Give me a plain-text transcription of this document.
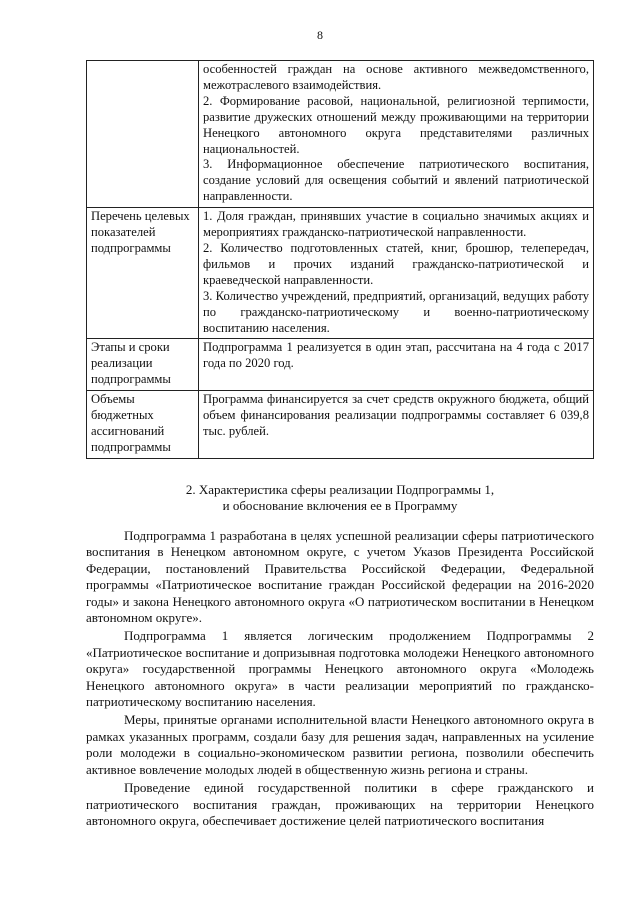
8

	особенностей граждан на основе активного межведомственного, межотраслевого взаимодействия.
2. Формирование расовой, национальной, религиозной терпимости, развитие дружеских отношений между проживающими на территории Ненецкого автономного округа представителями различных национальностей.
3. Информационное обеспечение патриотического воспитания, создание условий для освещения событий и явлений патриотической направленности.

Перечень целевых показателей подпрограммы	1. Доля граждан, принявших участие в социально значимых акциях и мероприятиях гражданско-патриотической направленности.
2. Количество подготовленных статей, книг, брошюр, телепередач, фильмов и прочих изданий гражданско-патриотической и краеведческой направленности.
3. Количество учреждений, предприятий, организаций, ведущих работу по гражданско-патриотическому и военно-патриотическому воспитанию населения.

Этапы и сроки реализации подпрограммы	Подпрограмма 1 реализуется в один этап, рассчитана на 4 года с 2017 года по 2020 год.

Объемы бюджетных ассигнований подпрограммы	Программа финансируется за счет средств окружного бюджета, общий объем финансирования реализации подпрограммы составляет 6 039,8 тыс. рублей.
2. Характеристика сферы реализации Подпрограммы 1,
и обоснование включения ее в Программу

Подпрограмма 1 разработана в целях успешной реализации сферы патриотического воспитания в Ненецком автономном округе, с учетом Указов Президента Российской Федерации, постановлений Правительства Российской Федерации, Федеральной программы «Патриотическое воспитание граждан Российской федерации на 2016-2020 годы» и закона Ненецкого автономного округа «О патриотическом воспитании в Ненецком автономном округе».

Подпрограмма 1 является логическим продолжением Подпрограммы 2 «Патриотическое воспитание и допризывная подготовка молодежи Ненецкого автономного округа» государственной программы Ненецкого автономного округа «Молодежь Ненецкого автономного округа» в части реализации мероприятий по гражданско-патриотическому воспитанию населения.

Меры, принятые органами исполнительной власти Ненецкого автономного округа в рамках указанных программ, создали базу для решения задач, направленных на усиление роли молодежи в социально-экономическом развитии региона, позволили обеспечить активное вовлечение молодых людей в общественную жизнь региона и страны.

Проведение единой государственной политики в сфере гражданского и патриотического воспитания граждан, проживающих на территории Ненецкого автономного округа, обеспечивает достижение целей патриотического воспитания
